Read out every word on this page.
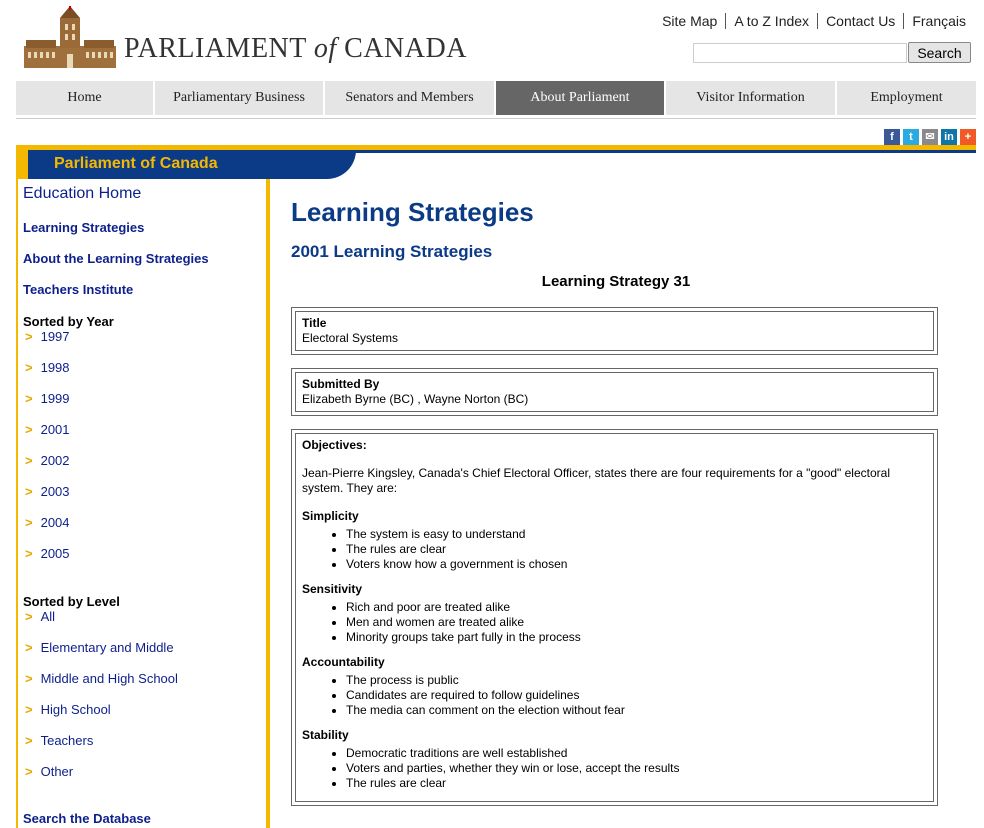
PARLIAMENT of CANADA
Site Map	A to Z Index	Contact Us	Français
Search
Home	Parliamentary Business	Senators and Members	About Parliament	Visitor Information	Employment
f	t	✉ in +
Parliament of Canada
Education Home
Learning Strategies
About the Learning Strategies
Teachers Institute
Sorted by Year
> 1997
> 1998
> 1999
> 2001
> 2002
> 2003
> 2004
> 2005
Sorted by Level
> All
> Elementary and Middle
> Middle and High School
> High School
> Teachers
> Other
Search the Database
Learning Strategies
2001 Learning Strategies
Learning Strategy 31
Title
Electoral Systems
Submitted By
Elizabeth Byrne (BC) , Wayne Norton (BC)
Objectives:
Jean-Pierre Kingsley, Canada's Chief Electoral Officer, states there are four requirements for a "good" electoral system. They are:
Simplicity
• The system is easy to understand
• The rules are clear
• Voters know how a government is chosen
Sensitivity
• Rich and poor are treated alike
• Men and women are treated alike
• Minority groups take part fully in the process
Accountability
• The process is public
• Candidates are required to follow guidelines
• The media can comment on the election without fear
Stability
• Democratic traditions are well established
• Voters and parties, whether they win or lose, accept the results
• The rules are clear
